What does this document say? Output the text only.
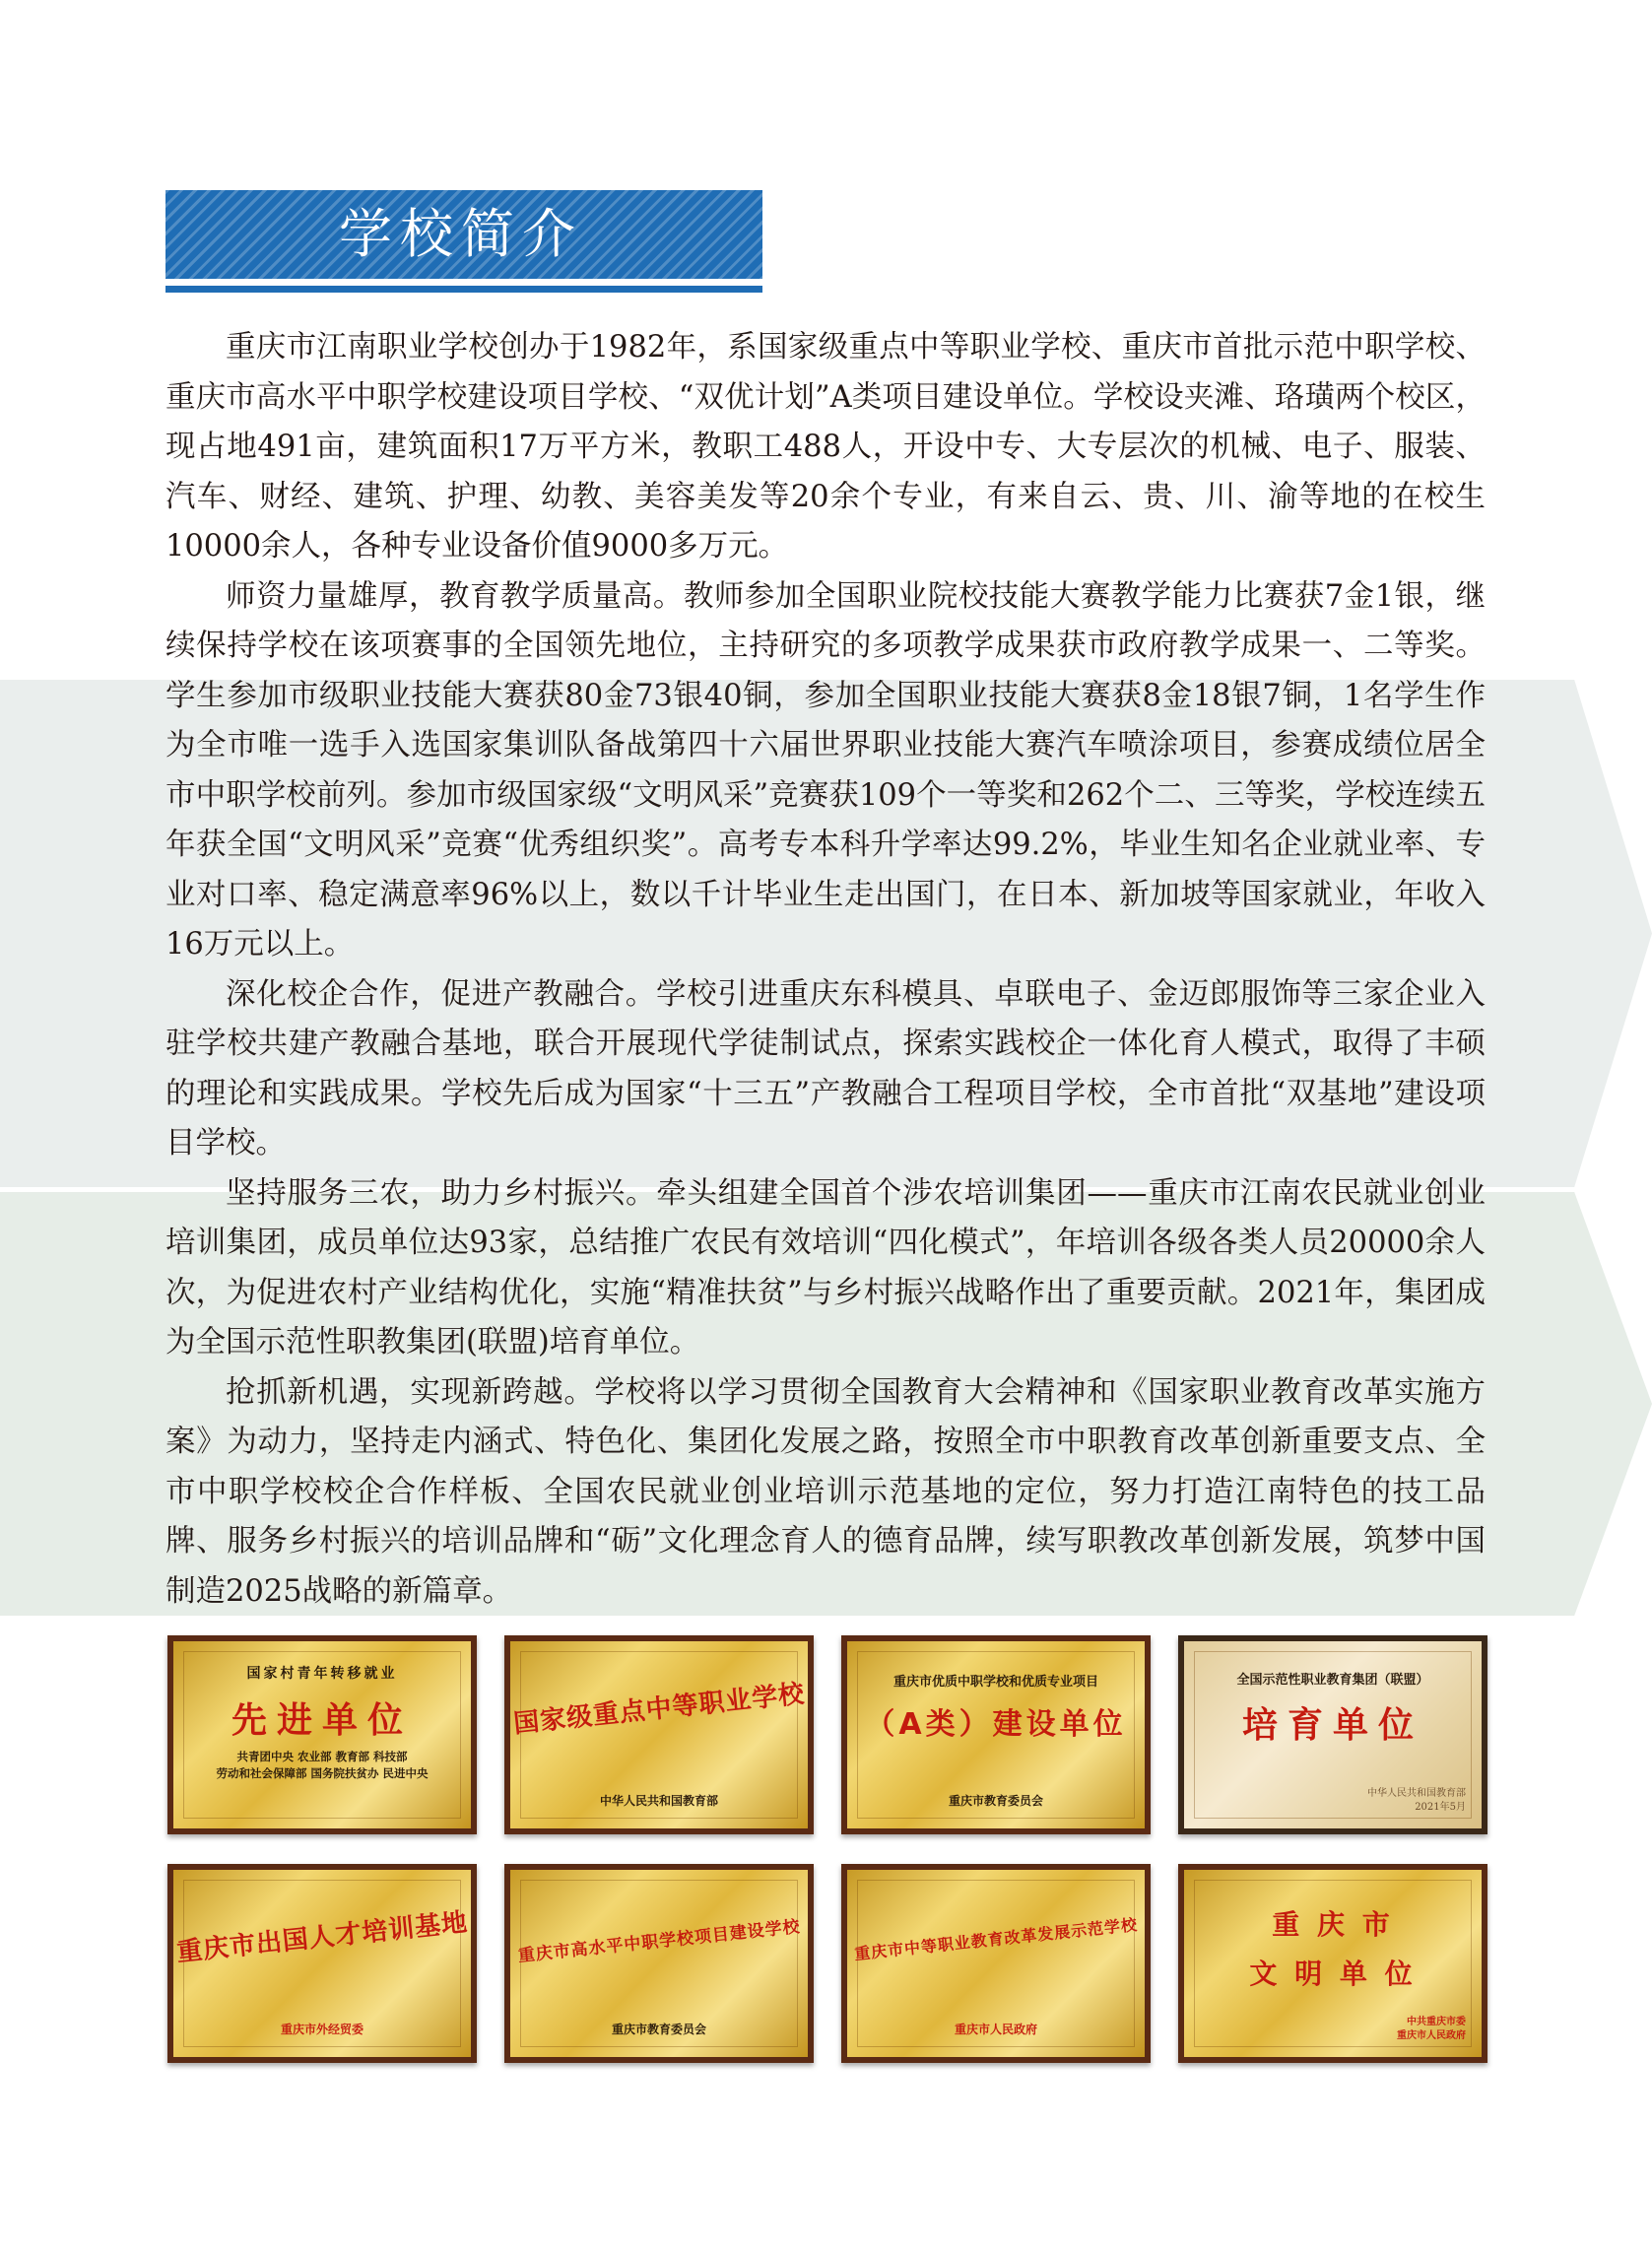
学校简介

重庆市江南职业学校创办于1982年，系国家级重点中等职业学校、重庆市首批示范中职学校、重庆市高水平中职学校建设项目学校、“双优计划”A类项目建设单位。学校设夹滩、珞璜两个校区，现占地491亩，建筑面积17万平方米，教职工488人，开设中专、大专层次的机械、电子、服装、汽车、财经、建筑、护理、幼教、美容美发等20余个专业，有来自云、贵、川、渝等地的在校生10000余人，各种专业设备价值9000多万元。

师资力量雄厚，教育教学质量高。教师参加全国职业院校技能大赛教学能力比赛获7金1银，继续保持学校在该项赛事的全国领先地位，主持研究的多项教学成果获市政府教学成果一、二等奖。学生参加市级职业技能大赛获80金73银40铜，参加全国职业技能大赛获8金18银7铜，1名学生作为全市唯一选手入选国家集训队备战第四十六届世界职业技能大赛汽车喷涂项目，参赛成绩位居全市中职学校前列。参加市级国家级“文明风采”竞赛获109个一等奖和262个二、三等奖，学校连续五年获全国“文明风采”竞赛“优秀组织奖”。高考专本科升学率达99.2%，毕业生知名企业就业率、专业对口率、稳定满意率96%以上，数以千计毕业生走出国门，在日本、新加坡等国家就业，年收入16万元以上。

深化校企合作，促进产教融合。学校引进重庆东科模具、卓联电子、金迈郎服饰等三家企业入驻学校共建产教融合基地，联合开展现代学徒制试点，探索实践校企一体化育人模式，取得了丰硕的理论和实践成果。学校先后成为国家“十三五”产教融合工程项目学校，全市首批“双基地”建设项目学校。

坚持服务三农，助力乡村振兴。牵头组建全国首个涉农培训集团——重庆市江南农民就业创业培训集团，成员单位达93家，总结推广农民有效培训“四化模式”，年培训各级各类人员20000余人次，为促进农村产业结构优化，实施“精准扶贫”与乡村振兴战略作出了重要贡献。2021年，集团成为全国示范性职教集团(联盟)培育单位。

抢抓新机遇，实现新跨越。学校将以学习贯彻全国教育大会精神和《国家职业教育改革实施方案》为动力，坚持走内涵式、特色化、集团化发展之路，按照全市中职教育改革创新重要支点、全市中职学校校企合作样板、全国农民就业创业培训示范基地的定位，努力打造江南特色的技工品牌、服务乡村振兴的培训品牌和“砺”文化理念育人的德育品牌，续写职教改革创新发展，筑梦中国制造2025战略的新篇章。

国家村青年转移就业
先进单位
共青团中央 农业部 教育部 科技部
劳动和社会保障部 国务院扶贫办 民进中央
国家级重点中等职业学校
中华人民共和国教育部
重庆市优质中职学校和优质专业项目
（A类）建设单位
重庆市教育委员会
全国示范性职业教育集团（联盟）
培育单位
中华人民共和国教育部
2021年5月
重庆市出国人才培训基地
重庆市外经贸委
重庆市高水平中职学校项目建设学校
重庆市教育委员会
重庆市中等职业教育改革发展示范学校
重庆市人民政府
重 庆 市
文 明 单 位
中共重庆市委
重庆市人民政府
